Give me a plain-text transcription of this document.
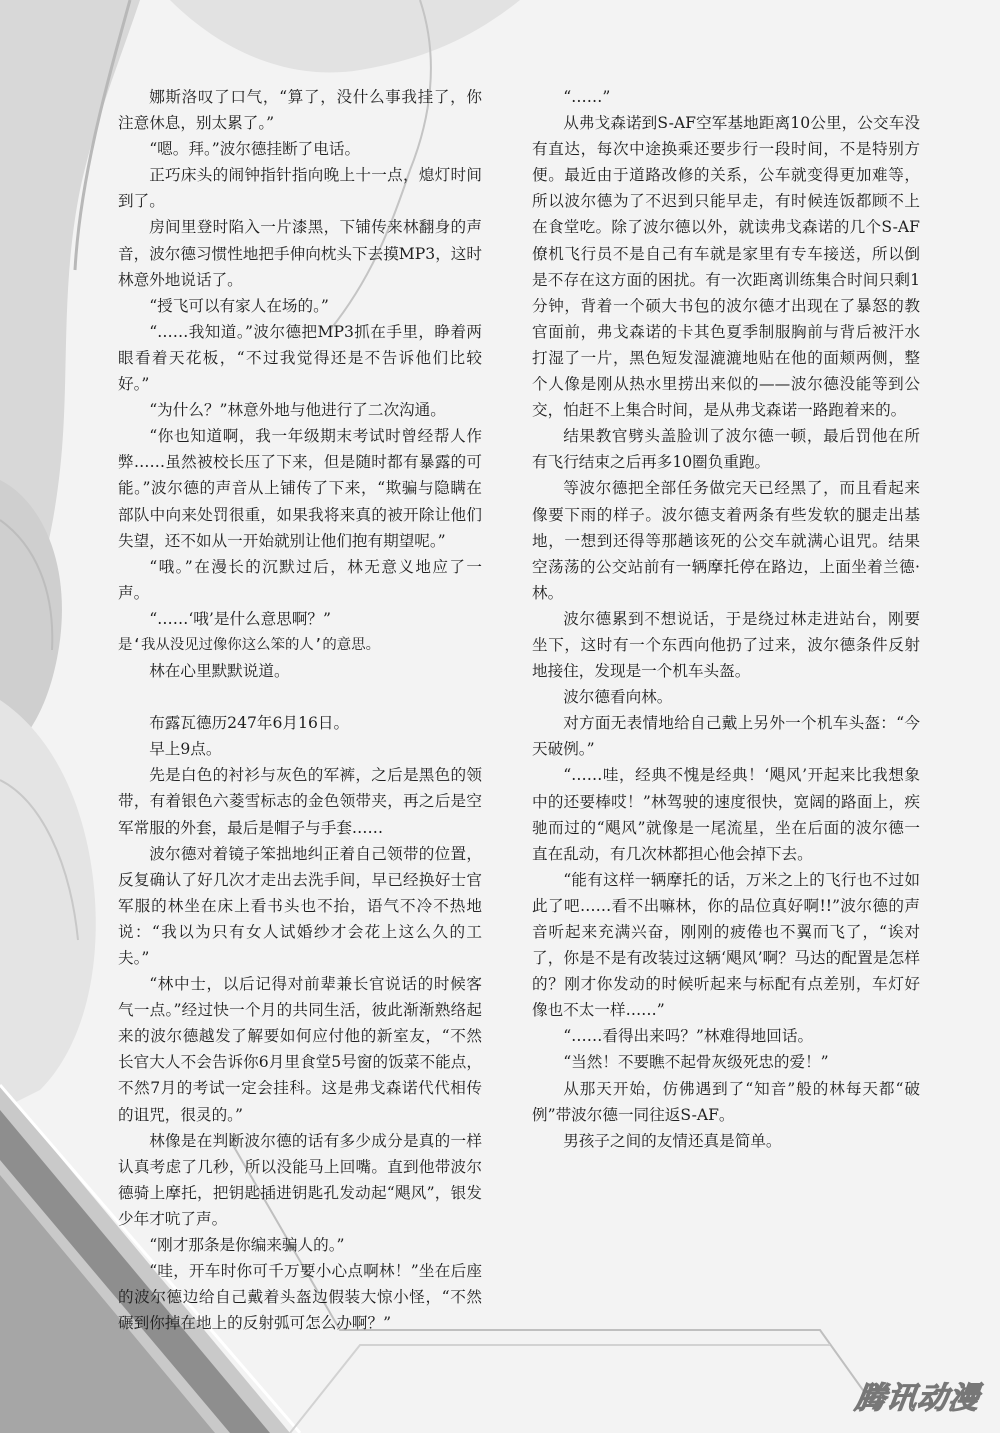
娜斯洛叹了口气，“算了，没什么事我挂了，你注意休息，别太累了。”

“嗯。拜。”波尔德挂断了电话。

正巧床头的闹钟指针指向晚上十一点，熄灯时间到了。

房间里登时陷入一片漆黑，下铺传来林翻身的声音，波尔德习惯性地把手伸向枕头下去摸MP3，这时林意外地说话了。

“授飞可以有家人在场的。”

“……我知道。”波尔德把MP3抓在手里，睁着两眼看着天花板，“不过我觉得还是不告诉他们比较好。”

“为什么？”林意外地与他进行了二次沟通。

“你也知道啊，我一年级期末考试时曾经帮人作弊……虽然被校长压了下来，但是随时都有暴露的可能。”波尔德的声音从上铺传了下来，“欺骗与隐瞒在部队中向来处罚很重，如果我将来真的被开除让他们失望，还不如从一开始就别让他们抱有期望呢。”

“哦。”在漫长的沉默过后，林无意义地应了一声。

“……‘哦’是什么意思啊？”

是‘我从没见过像你这么笨的人’的意思。

林在心里默默说道。

布露瓦德历247年6月16日。

早上9点。

先是白色的衬衫与灰色的军裤，之后是黑色的领带，有着银色六菱雪标志的金色领带夹，再之后是空军常服的外套，最后是帽子与手套……

波尔德对着镜子笨拙地纠正着自己领带的位置，反复确认了好几次才走出去洗手间，早已经换好士官军服的林坐在床上看书头也不抬，语气不冷不热地说：“我以为只有女人试婚纱才会花上这么久的工夫。”

“林中士，以后记得对前辈兼长官说话的时候客气一点。”经过快一个月的共同生活，彼此渐渐熟络起来的波尔德越发了解要如何应付他的新室友，“不然长官大人不会告诉你6月里食堂5号窗的饭菜不能点，不然7月的考试一定会挂科。这是弗戈森诺代代相传的诅咒，很灵的。”

林像是在判断波尔德的话有多少成分是真的一样认真考虑了几秒，所以没能马上回嘴。直到他带波尔德骑上摩托，把钥匙插进钥匙孔发动起“飓风”，银发少年才吭了声。

“刚才那条是你编来骗人的。”

“哇，开车时你可千万要小心点啊林！”坐在后座的波尔德边给自己戴着头盔边假装大惊小怪，“不然碾到你掉在地上的反射弧可怎么办啊？”

“……”

从弗戈森诺到S-AF空军基地距离10公里，公交车没有直达，每次中途换乘还要步行一段时间，不是特别方便。最近由于道路改修的关系，公车就变得更加难等，所以波尔德为了不迟到只能早走，有时候连饭都顾不上在食堂吃。除了波尔德以外，就读弗戈森诺的几个S-AF僚机飞行员不是自己有车就是家里有专车接送，所以倒是不存在这方面的困扰。有一次距离训练集合时间只剩1分钟，背着一个硕大书包的波尔德才出现在了暴怒的教官面前，弗戈森诺的卡其色夏季制服胸前与背后被汗水打湿了一片，黑色短发湿漉漉地贴在他的面颊两侧，整个人像是刚从热水里捞出来似的——波尔德没能等到公交，怕赶不上集合时间，是从弗戈森诺一路跑着来的。

结果教官劈头盖脸训了波尔德一顿，最后罚他在所有飞行结束之后再多10圈负重跑。

等波尔德把全部任务做完天已经黑了，而且看起来像要下雨的样子。波尔德支着两条有些发软的腿走出基地，一想到还得等那趟该死的公交车就满心诅咒。结果空荡荡的公交站前有一辆摩托停在路边，上面坐着兰德·林。

波尔德累到不想说话，于是绕过林走进站台，刚要坐下，这时有一个东西向他扔了过来，波尔德条件反射地接住，发现是一个机车头盔。

波尔德看向林。

对方面无表情地给自己戴上另外一个机车头盔：“今天破例。”

“……哇，经典不愧是经典！‘飓风’开起来比我想象中的还要棒哎！”林驾驶的速度很快，宽阔的路面上，疾驰而过的“飓风”就像是一尾流星，坐在后面的波尔德一直在乱动，有几次林都担心他会掉下去。

“能有这样一辆摩托的话，万米之上的飞行也不过如此了吧……看不出嘛林，你的品位真好啊!!”波尔德的声音听起来充满兴奋，刚刚的疲倦也不翼而飞了，“诶对了，你是不是有改装过这辆‘飓风’啊？马达的配置是怎样的？刚才你发动的时候听起来与标配有点差别，车灯好像也不太一样……”

“……看得出来吗？”林难得地回话。

“当然！不要瞧不起骨灰级死忠的爱！”

从那天开始，仿佛遇到了“知音”般的林每天都“破例”带波尔德一同往返S-AF。

男孩子之间的友情还真是简单。

腾讯动漫
